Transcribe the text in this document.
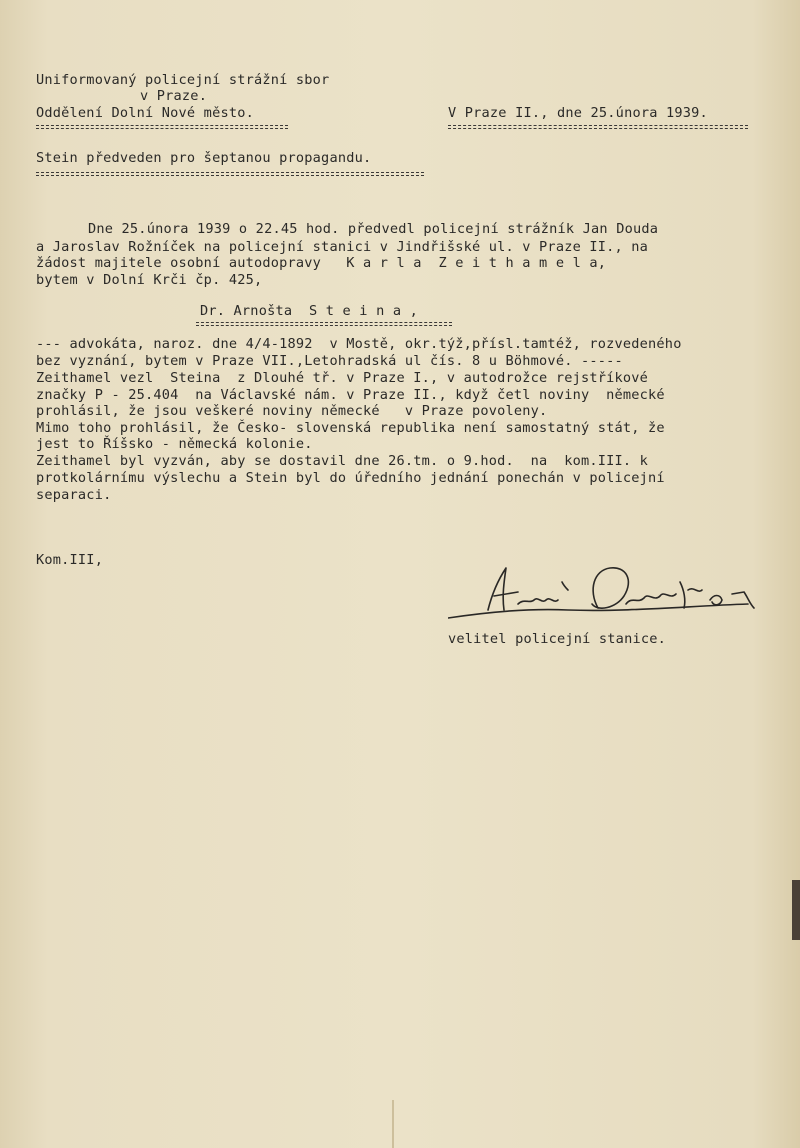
Uniformovaný policejní strážní sbor
v Praze.
Oddělení Dolní Nové město.	V Praze II., dne 25.února 1939.
Stein předveden pro šeptanou propagandu.
Dne 25.února 1939 o 22.45 hod. předvedl policejní strážník Jan Douda
a Jaroslav Rožníček na policejní stanici v Jindřišské ul. v Praze II., na
žádost majitele osobní autodopravy   K a r l a  Z e i t h a m e l a,
bytem v Dolní Krči čp. 425,
Dr. Arnošta  S t e i n a ,
--- advokáta, naroz. dne 4/4-1892  v Mostě, okr.týž,přísl.tamtéž, rozvedeného
bez vyznání, bytem v Praze VII.,Letohradská ul čís. 8 u Böhmové. -----
Zeithamel vezl  Steina  z Dlouhé tř. v Praze I., v autodrožce rejstříkové
značky P - 25.404  na Václavské nám. v Praze II., když četl noviny  německé
prohlásil, že jsou veškeré noviny německé   v Praze povoleny.
Mimo toho prohlásil, že Česko- slovenská republika není samostatný stát, že
jest to Říšsko - německá kolonie.
Zeithamel byl vyzván, aby se dostavil dne 26.tm. o 9.hod.  na  kom.III. k
protkolárnímu výslechu a Stein byl do úředního jednání ponechán v policejní
separaci.
Kom.III,
velitel policejní stanice.
